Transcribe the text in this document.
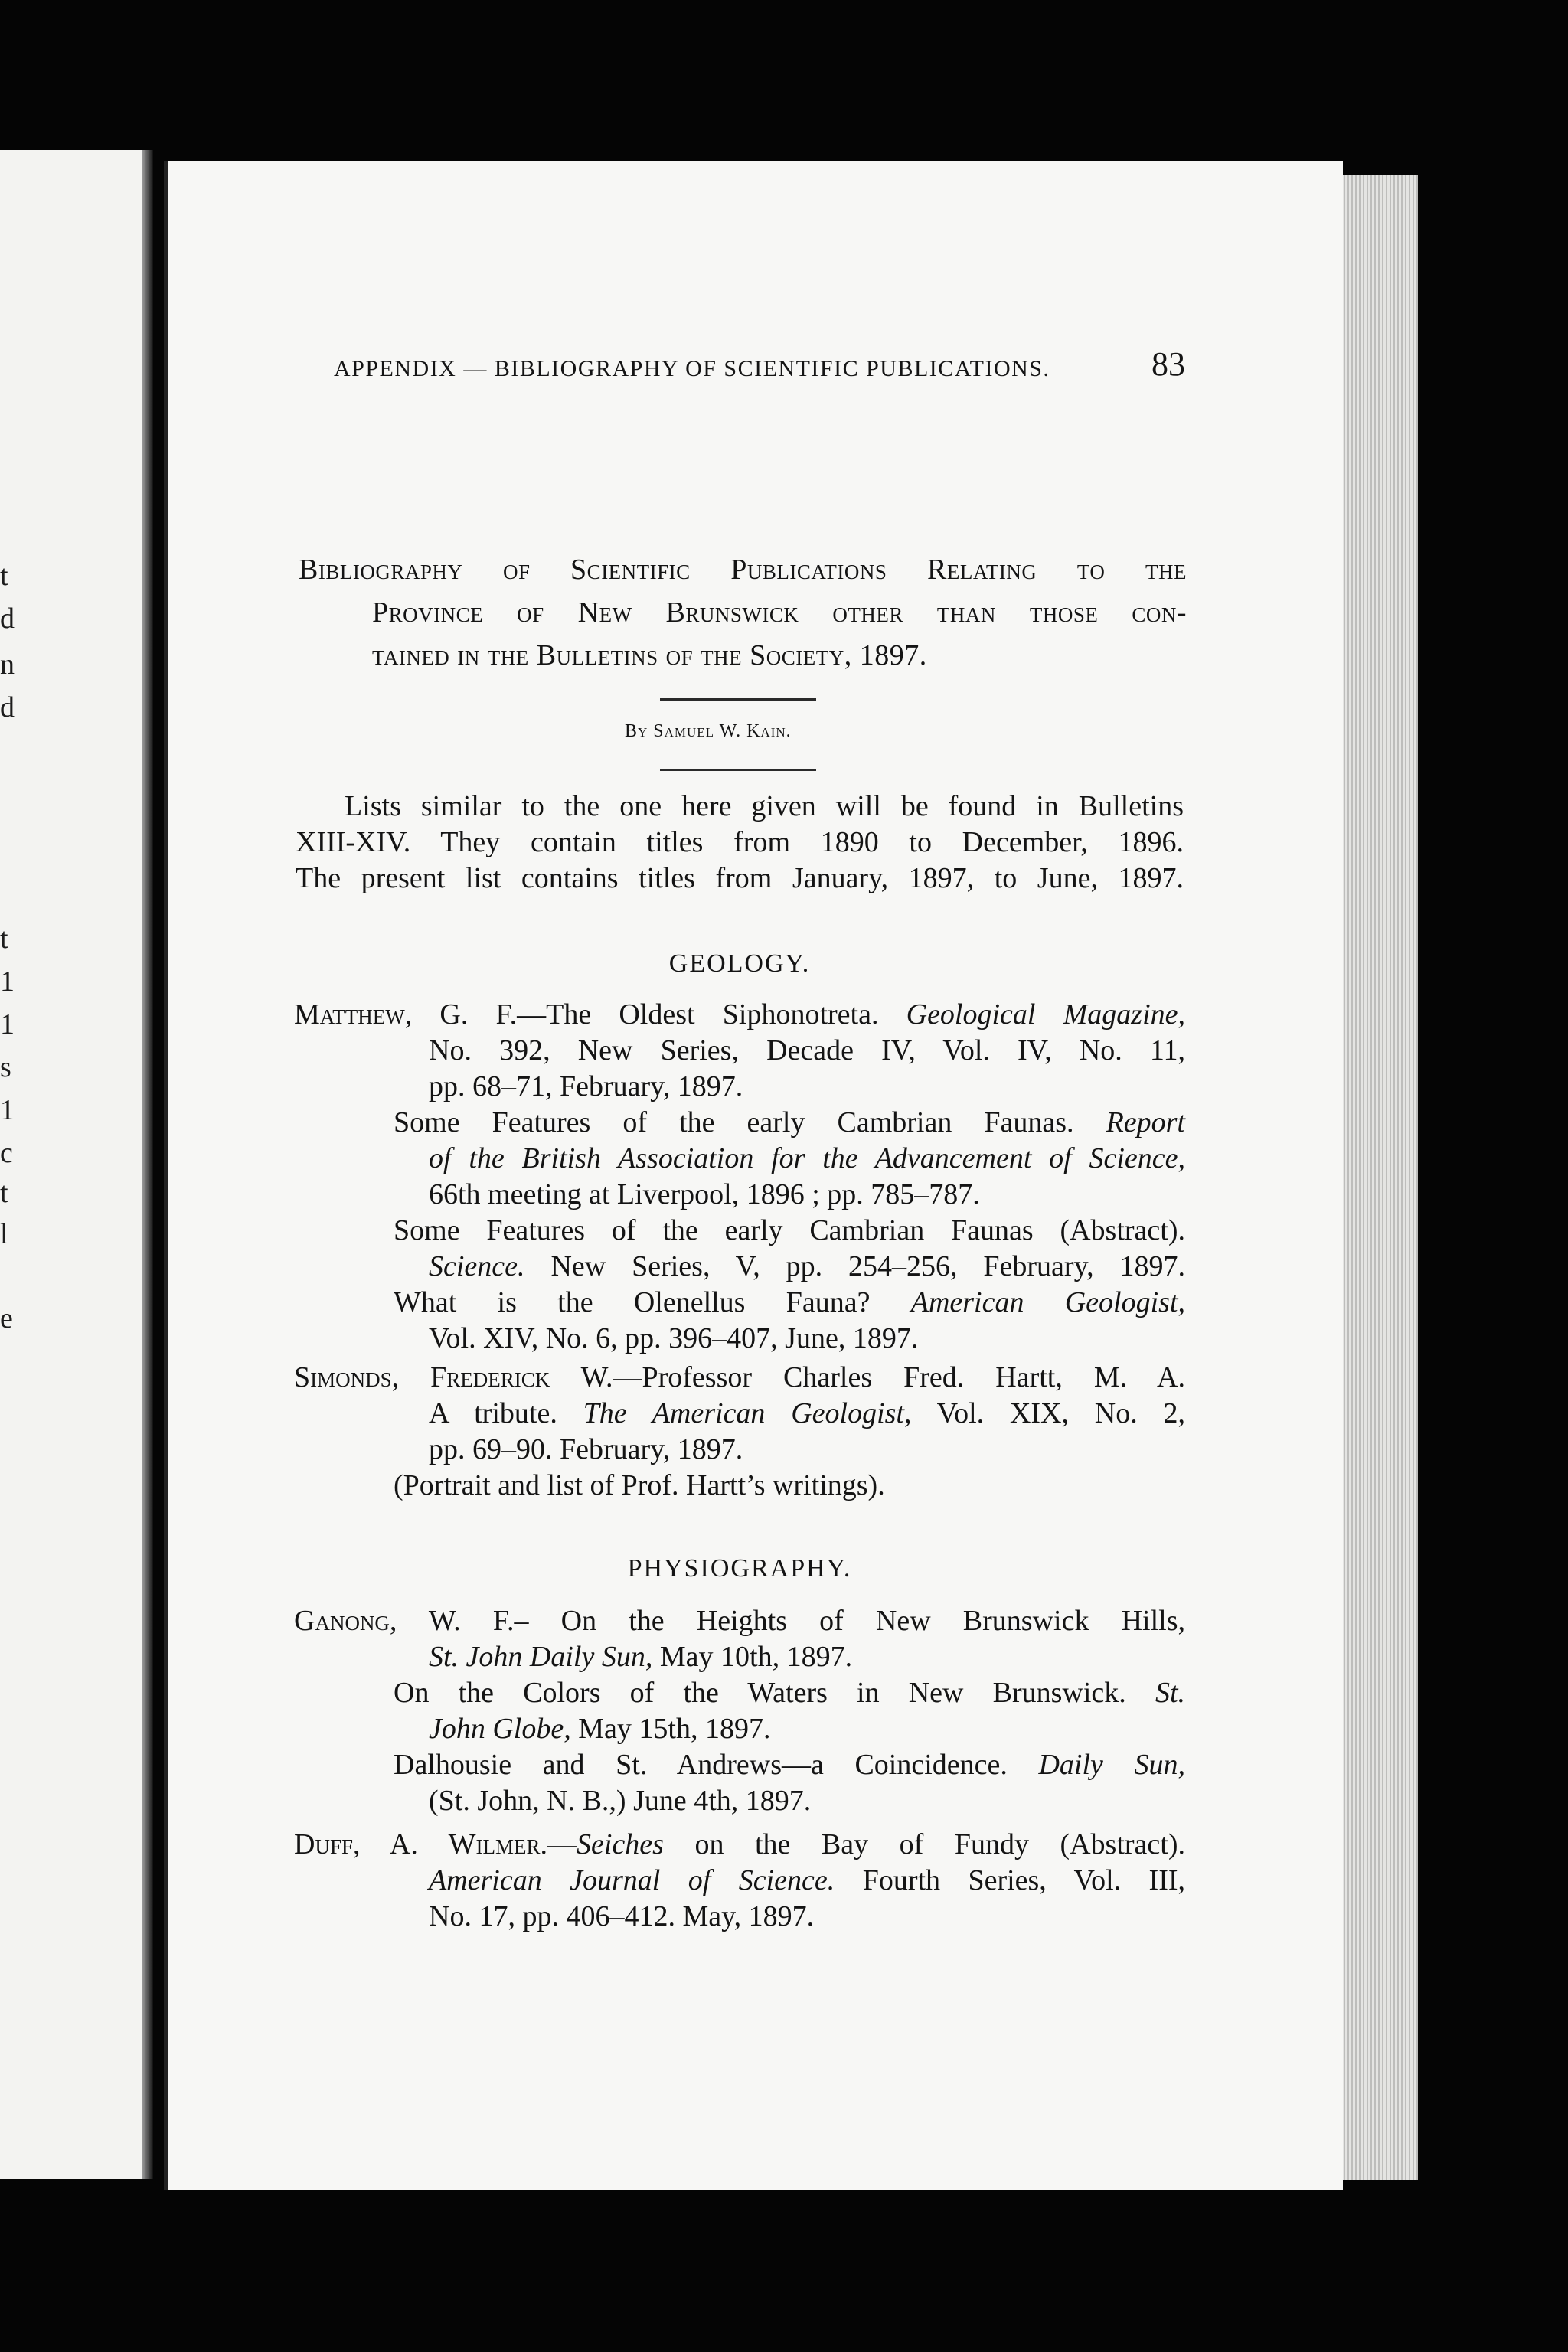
t
d
n
d
t
1
1
s
1
c
t
l
e
APPENDIX — BIBLIOGRAPHY OF SCIENTIFIC PUBLICATIONS.	83
Bibliography of Scientific Publications Relating to the
Province of New Brunswick other than those con-
tained in the Bulletins of the Society, 1897.
By Samuel W. Kain.
Lists similar to the one here given will be found in Bulletins
XIII-XIV. They contain titles from 1890 to December, 1896.
The present list contains titles from January, 1897, to June, 1897.
GEOLOGY.
Matthew, G. F.—The Oldest Siphonotreta. Geological Magazine,
No. 392, New Series, Decade IV, Vol. IV, No. 11,
pp. 68–71, February, 1897.
Some Features of the early Cambrian Faunas. Report
of the British Association for the Advancement of Science,
66th meeting at Liverpool, 1896 ; pp. 785–787.
Some Features of the early Cambrian Faunas (Abstract).
Science. New Series, V, pp. 254–256, February, 1897.
What is the Olenellus Fauna? American Geologist,
Vol. XIV, No. 6, pp. 396–407, June, 1897.
Simonds, Frederick W.—Professor Charles Fred. Hartt, M. A.
A tribute. The American Geologist, Vol. XIX, No. 2,
pp. 69–90. February, 1897.
(Portrait and list of Prof. Hartt’s writings).
PHYSIOGRAPHY.
Ganong, W. F.– On the Heights of New Brunswick Hills,
St. John Daily Sun, May 10th, 1897.
On the Colors of the Waters in New Brunswick. St.
John Globe, May 15th, 1897.
Dalhousie and St. Andrews—a Coincidence. Daily Sun,
(St. John, N. B.,) June 4th, 1897.
Duff, A. Wilmer.—Seiches on the Bay of Fundy (Abstract).
American Journal of Science. Fourth Series, Vol. III,
No. 17, pp. 406–412. May, 1897.
